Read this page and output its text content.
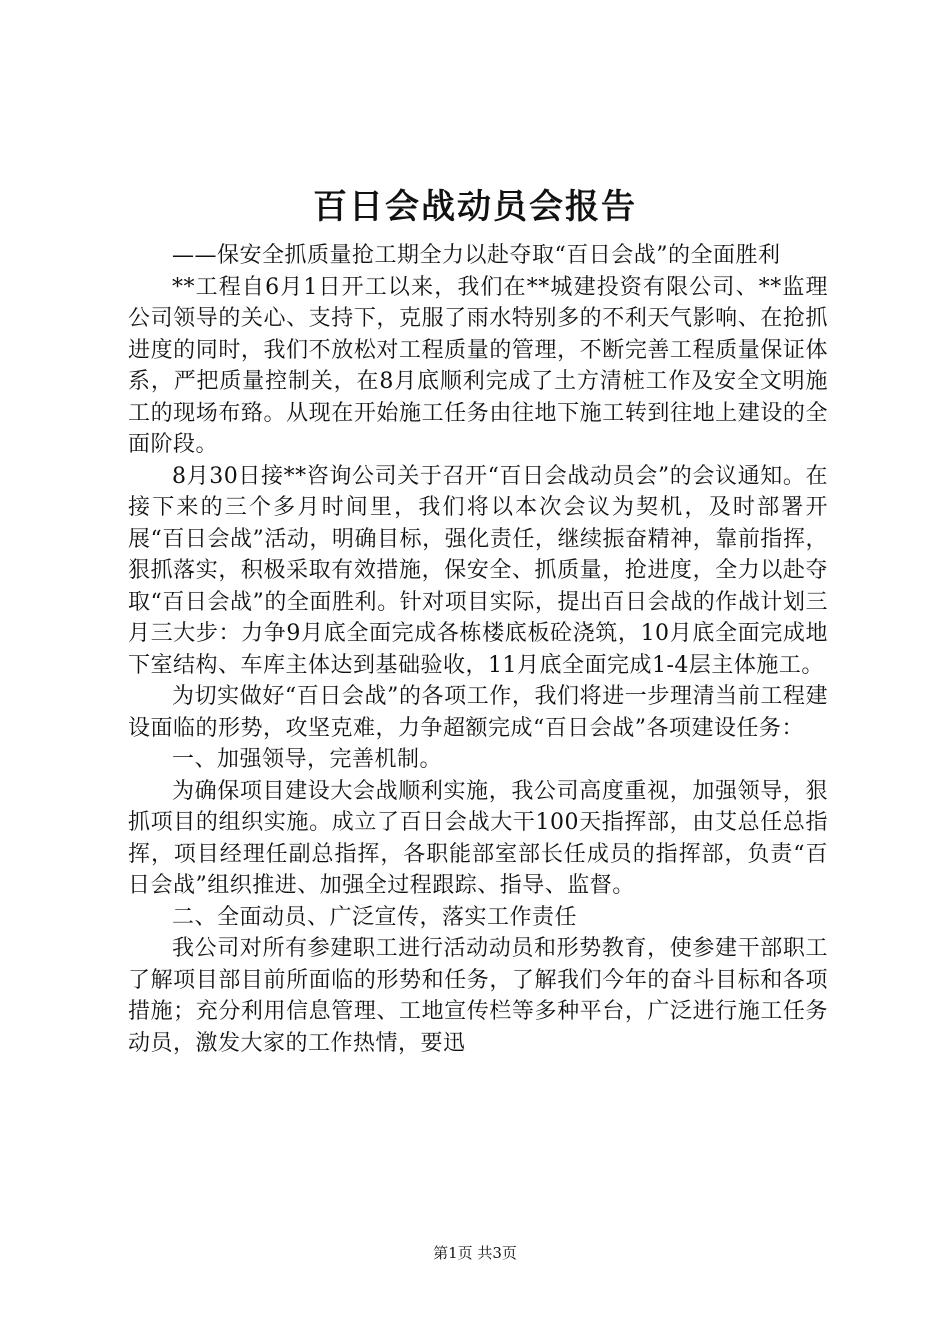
百日会战动员会报告

——保安全抓质量抢工期全力以赴夺取“百日会战”的全面胜利

**工程自6月1日开工以来，我们在**城建投资有限公司、**监理公司领导的关心、支持下，克服了雨水特别多的不利天气影响、在抢抓进度的同时，我们不放松对工程质量的管理，不断完善工程质量保证体系，严把质量控制关，在8月底顺利完成了土方清桩工作及安全文明施工的现场布臵。从现在开始施工任务由往地下施工转到往地上建设的全面阶段。

8月30日接**咨询公司关于召开“百日会战动员会”的会议通知。在接下来的三个多月时间里，我们将以本次会议为契机，及时部署开展“百日会战”活动，明确目标，强化责任，继续振奋精神，靠前指挥，狠抓落实，积极采取有效措施，保安全、抓质量，抢进度，全力以赴夺取“百日会战”的全面胜利。针对项目实际，提出百日会战的作战计划三月三大步：力争9月底全面完成各栋楼底板砼浇筑，10月底全面完成地下室结构、车库主体达到基础验收，11月底全面完成1-4层主体施工。

为切实做好“百日会战”的各项工作，我们将进一步理清当前工程建设面临的形势，攻坚克难，力争超额完成“百日会战”各项建设任务：

一、加强领导，完善机制。

为确保项目建设大会战顺利实施，我公司高度重视，加强领导，狠抓项目的组织实施。成立了百日会战大干100天指挥部，由艾总任总指挥，项目经理任副总指挥，各职能部室部长任成员的指挥部，负责“百日会战”组织推进、加强全过程跟踪、指导、监督。

二、全面动员、广泛宣传，落实工作责任

我公司对所有参建职工进行活动动员和形势教育，使参建干部职工了解项目部目前所面临的形势和任务，了解我们今年的奋斗目标和各项措施；充分利用信息管理、工地宣传栏等多种平台，广泛进行施工任务动员，激发大家的工作热情，要迅

第1页 共3页
